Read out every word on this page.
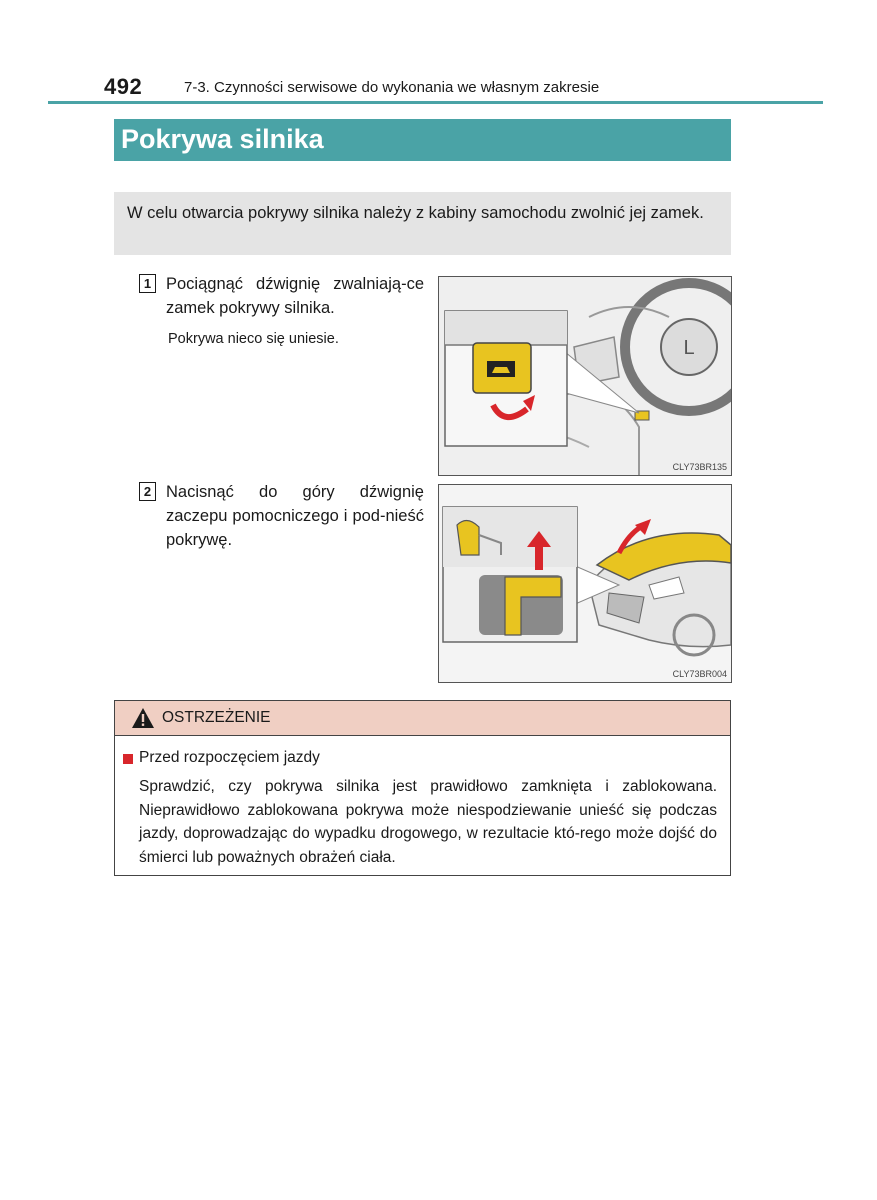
492	7-3. Czynności serwisowe do wykonania we własnym zakresie
Pokrywa silnika
W celu otwarcia pokrywy silnika należy z kabiny samochodu zwolnić jej zamek.
1 Pociągnąć dźwignię zwalniają-ce zamek pokrywy silnika.
Pokrywa nieco się uniesie.	L
CLY73BR135
2 Nacisnąć do góry dźwignię zaczepu pomocniczego i pod-nieść pokrywę.
CLY73BR004
OSTRZEŻENIE
Przed rozpoczęciem jazdy
Sprawdzić, czy pokrywa silnika jest prawidłowo zamknięta i zablokowana. Nieprawidłowo zablokowana pokrywa może niespodziewanie unieść się podczas jazdy, doprowadzając do wypadku drogowego, w rezultacie któ-rego może dojść do śmierci lub poważnych obrażeń ciała.
